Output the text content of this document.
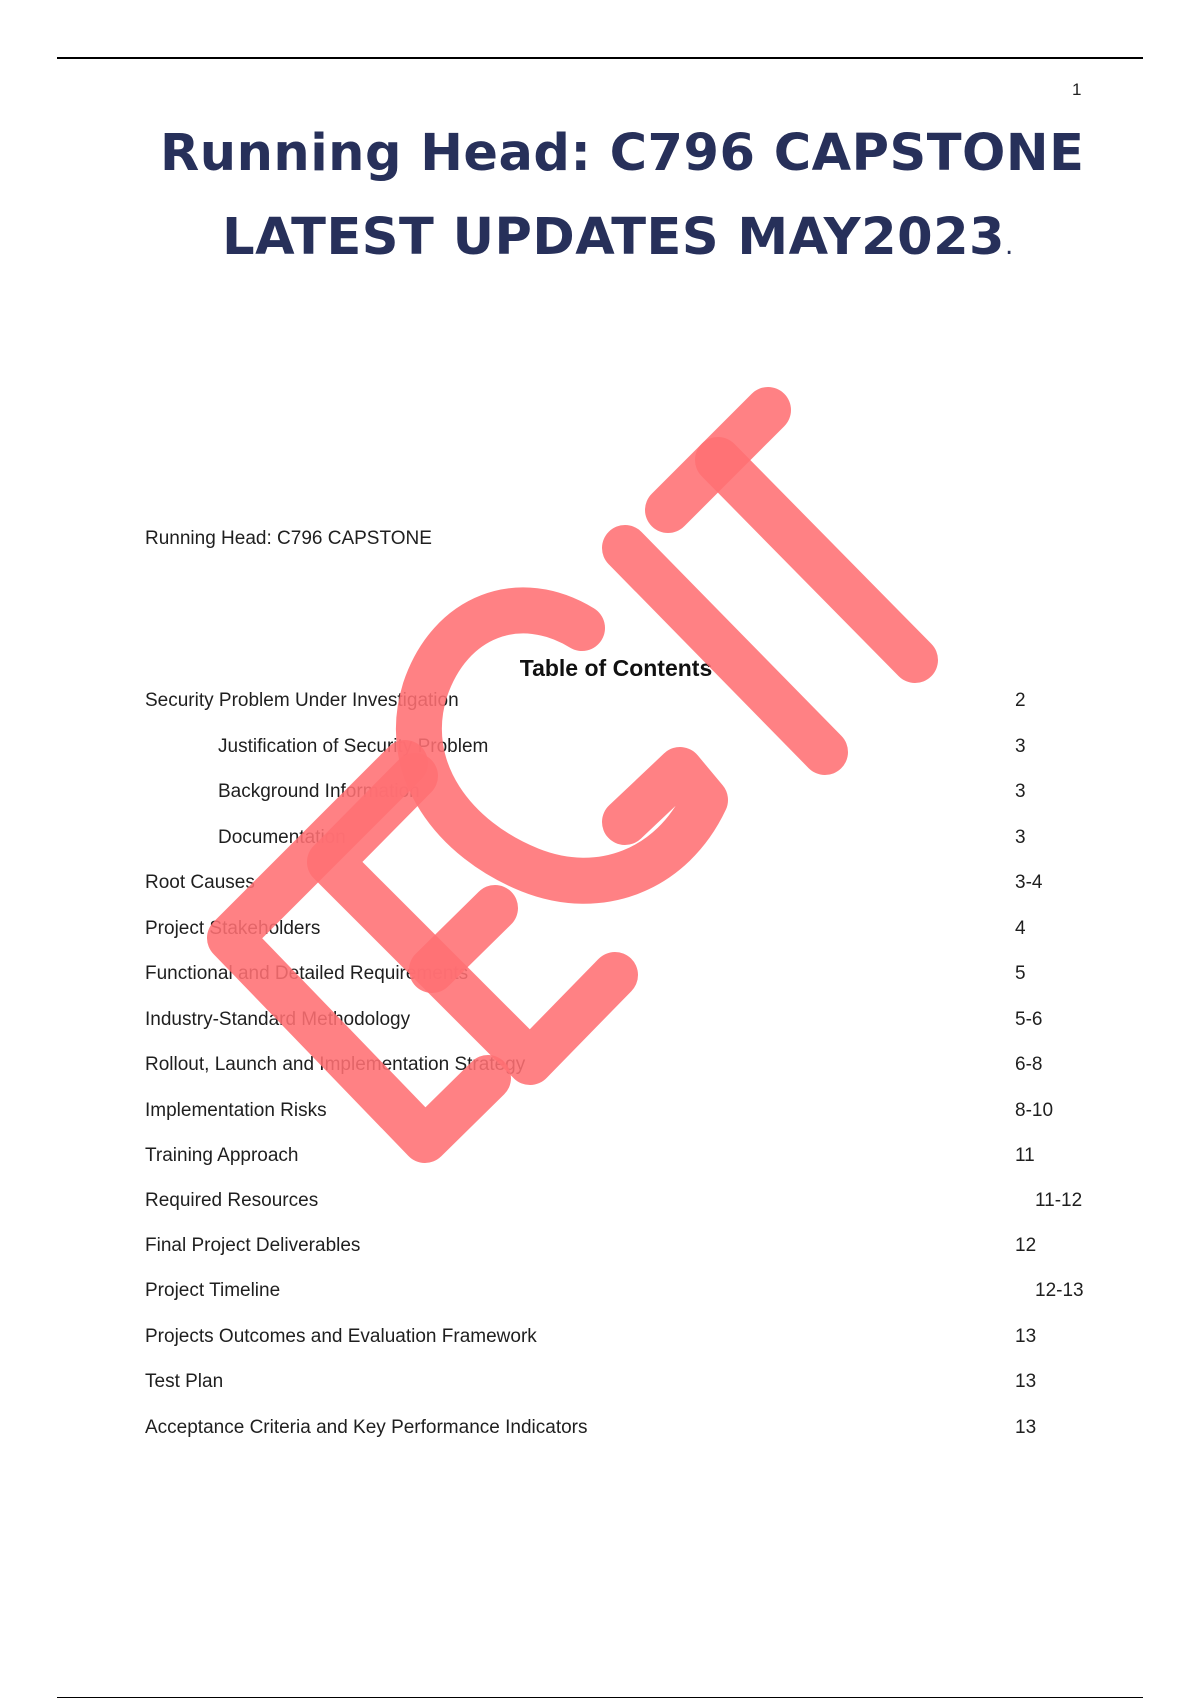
1
Running Head: C796 CAPSTONE
LATEST UPDATES MAY2023.
Running Head: C796 CAPSTONE
Table of Contents
Security Problem Under Investigation	2
Justification of Security Problem	3
Background Information	3
Documentation	3
Root Causes	3-4
Project Stakeholders	4
Functional and Detailed Requirements	5
Industry-Standard Methodology	5-6
Rollout, Launch and Implementation Strategy	6-8
Implementation Risks	8-10
Training Approach	11
Required Resources	11-12
Final Project Deliverables	12
Project Timeline	12-13
Projects Outcomes and Evaluation Framework	13
Test Plan	13
Acceptance Criteria and Key Performance Indicators	13
